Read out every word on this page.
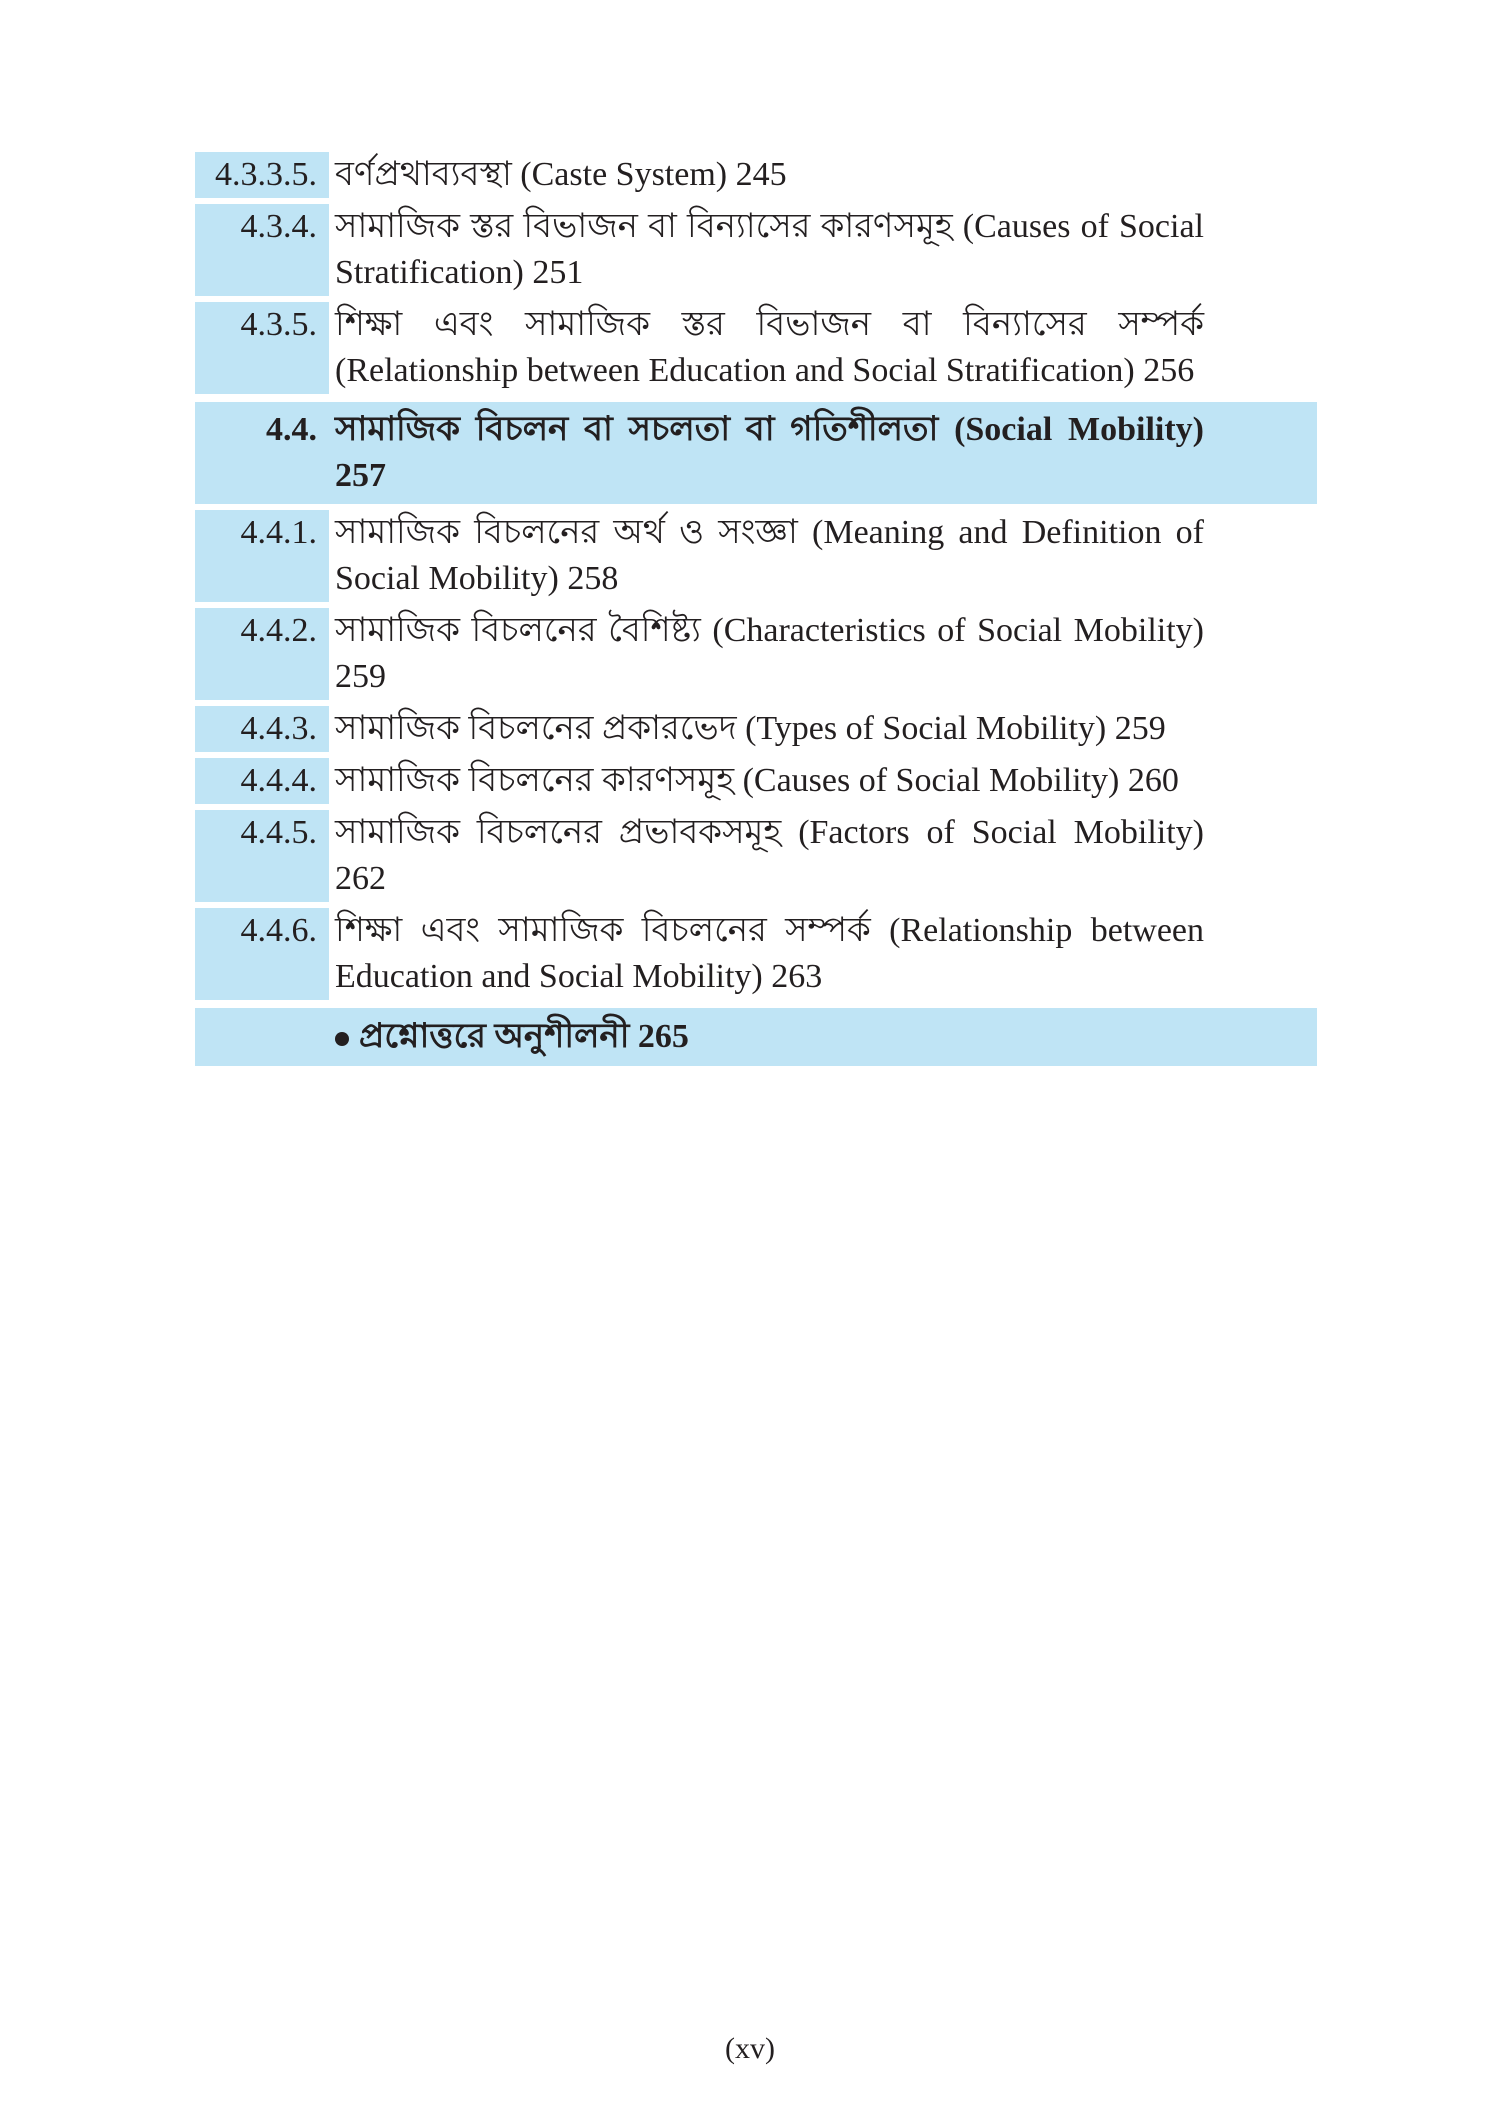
4.3.3.5. বর্ণপ্রথাব্যবস্থা (Caste System) 245
4.3.4. সামাজিক স্তর বিভাজন বা বিন্যাসের কারণসমূহ (Causes of Social Stratification) 251
4.3.5. শিক্ষা এবং সামাজিক স্তর বিভাজন বা বিন্যাসের সম্পর্ক (Relationship between Education and Social Stratification) 256
4.4. সামাজিক বিচলন বা সচলতা বা গতিশীলতা (Social Mobility) 257
4.4.1. সামাজিক বিচলনের অর্থ ও সংজ্ঞা (Meaning and Definition of Social Mobility) 258
4.4.2. সামাজিক বিচলনের বৈশিষ্ট্য (Characteristics of Social Mobility) 259
4.4.3. সামাজিক বিচলনের প্রকারভেদ (Types of Social Mobility) 259
4.4.4. সামাজিক বিচলনের কারণসমূহ (Causes of Social Mobility) 260
4.4.5. সামাজিক বিচলনের প্রভাবকসমূহ (Factors of Social Mobility) 262
4.4.6. শিক্ষা এবং সামাজিক বিচলনের সম্পর্ক (Relationship between Education and Social Mobility) 263
প্রশ্নোত্তরে অনুশীলনী 265
(xv)
